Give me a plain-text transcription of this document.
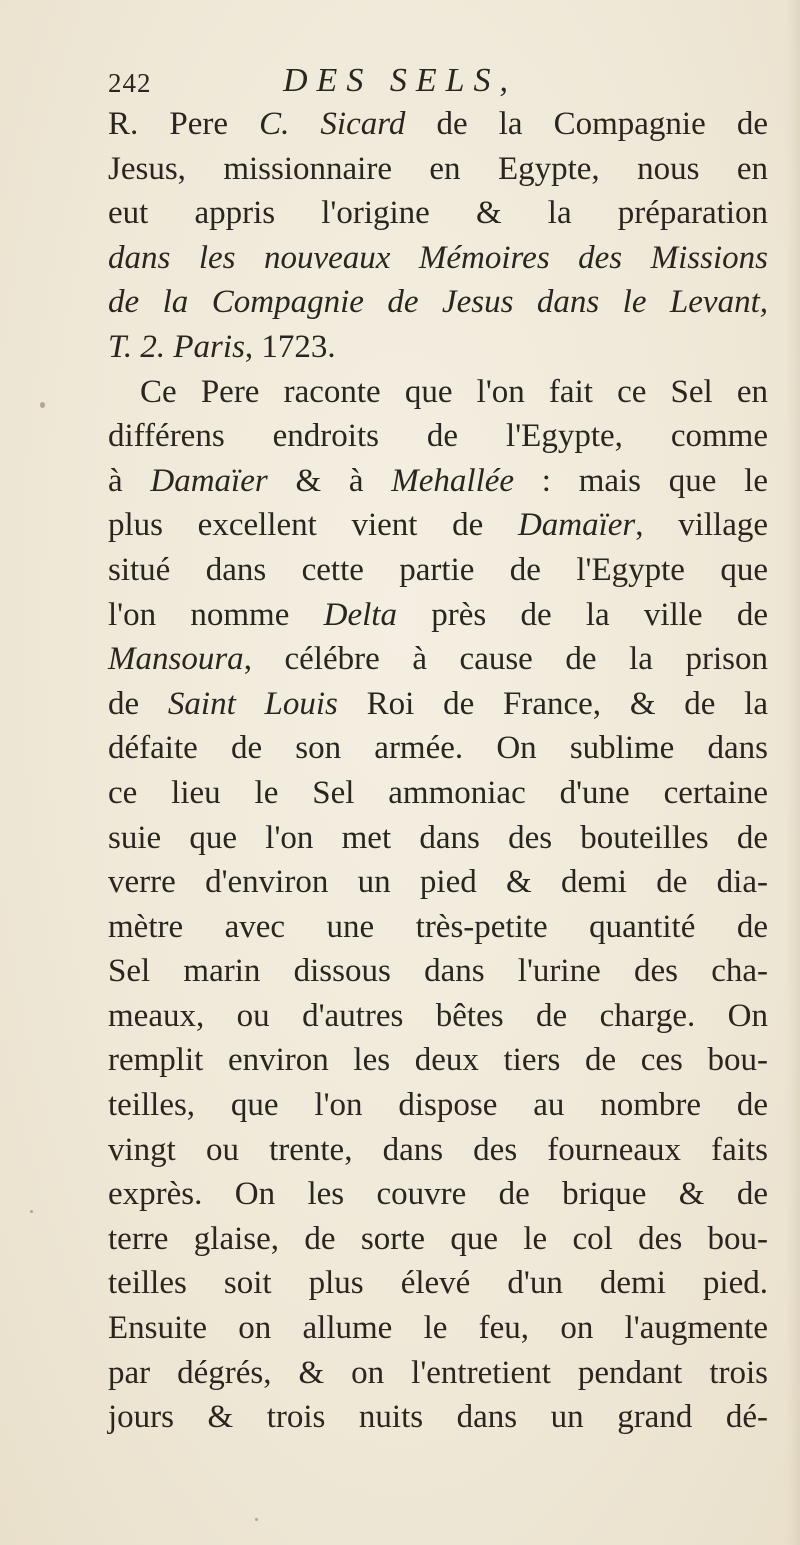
242	DES SELS,
R. Pere C. Sicard de la Compagnie de
Jesus, missionnaire en Egypte, nous en
eut appris l'origine & la préparation
dans les nouveaux Mémoires des Missions
de la Compagnie de Jesus dans le Levant,
T. 2. Paris, 1723.
Ce Pere raconte que l'on fait ce Sel en
différens endroits de l'Egypte, comme
à Damaïer & à Mehallée : mais que le
plus excellent vient de Damaïer, village
situé dans cette partie de l'Egypte que
l'on nomme Delta près de la ville de
Mansoura, célébre à cause de la prison
de Saint Louis Roi de France, & de la
défaite de son armée. On sublime dans
ce lieu le Sel ammoniac d'une certaine
suie que l'on met dans des bouteilles de
verre d'environ un pied & demi de dia-
mètre avec une très-petite quantité de
Sel marin dissous dans l'urine des cha-
meaux, ou d'autres bêtes de charge. On
remplit environ les deux tiers de ces bou-
teilles, que l'on dispose au nombre de
vingt ou trente, dans des fourneaux faits
exprès. On les couvre de brique & de
terre glaise, de sorte que le col des bou-
teilles soit plus élevé d'un demi pied.
Ensuite on allume le feu, on l'augmente
par dégrés, & on l'entretient pendant trois
jours & trois nuits dans un grand dé-
